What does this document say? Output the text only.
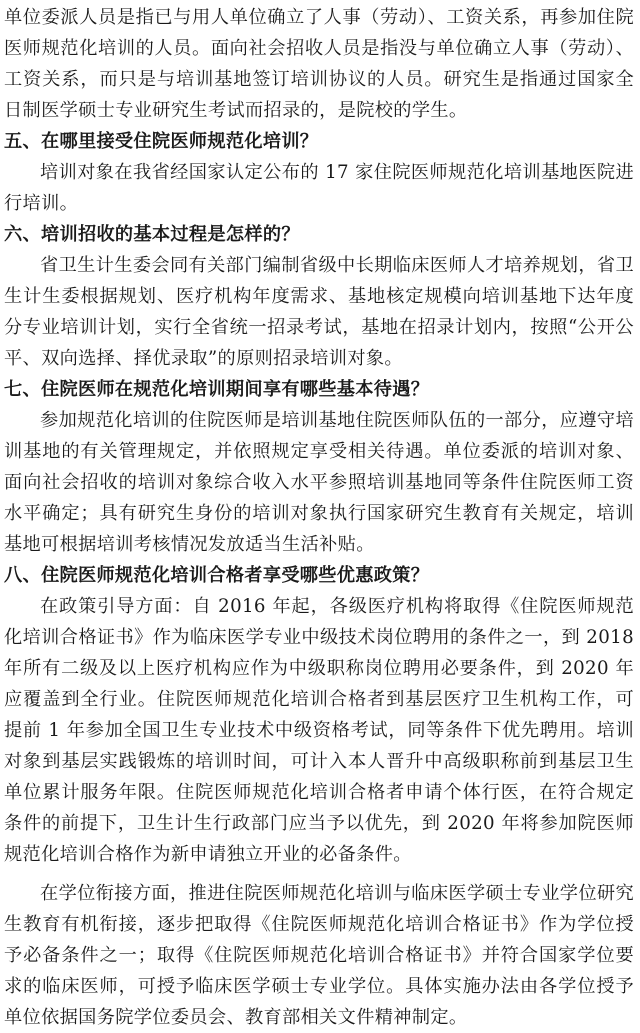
单位委派人员是指已与用人单位确立了人事（劳动）、工资关系，再参加住院医师规范化培训的人员。面向社会招收人员是指没与单位确立人事（劳动）、工资关系，而只是与培训基地签订培训协议的人员。研究生是指通过国家全日制医学硕士专业研究生考试而招录的，是院校的学生。

五、在哪里接受住院医师规范化培训？

培训对象在我省经国家认定公布的 17 家住院医师规范化培训基地医院进行培训。

六、培训招收的基本过程是怎样的？

省卫生计生委会同有关部门编制省级中长期临床医师人才培养规划，省卫生计生委根据规划、医疗机构年度需求、基地核定规模向培训基地下达年度分专业培训计划，实行全省统一招录考试，基地在招录计划内，按照“公开公平、双向选择、择优录取”的原则招录培训对象。

七、住院医师在规范化培训期间享有哪些基本待遇？

参加规范化培训的住院医师是培训基地住院医师队伍的一部分，应遵守培训基地的有关管理规定，并依照规定享受相关待遇。单位委派的培训对象、面向社会招收的培训对象综合收入水平参照培训基地同等条件住院医师工资水平确定；具有研究生身份的培训对象执行国家研究生教育有关规定，培训基地可根据培训考核情况发放适当生活补贴。

八、住院医师规范化培训合格者享受哪些优惠政策？

在政策引导方面：自 2016 年起，各级医疗机构将取得《住院医师规范化培训合格证书》作为临床医学专业中级技术岗位聘用的条件之一，到 2018 年所有二级及以上医疗机构应作为中级职称岗位聘用必要条件，到 2020 年应覆盖到全行业。住院医师规范化培训合格者到基层医疗卫生机构工作，可提前 1 年参加全国卫生专业技术中级资格考试，同等条件下优先聘用。培训对象到基层实践锻炼的培训时间，可计入本人晋升中高级职称前到基层卫生单位累计服务年限。住院医师规范化培训合格者申请个体行医，在符合规定条件的前提下，卫生计生行政部门应当予以优先，到 2020 年将参加院医师规范化培训合格作为新申请独立开业的必备条件。

在学位衔接方面，推进住院医师规范化培训与临床医学硕士专业学位研究生教育有机衔接，逐步把取得《住院医师规范化培训合格证书》作为学位授予必备条件之一；取得《住院医师规范化培训合格证书》并符合国家学位要求的临床医师，可授予临床医学硕士专业学位。具体实施办法由各学位授予单位依据国务院学位委员会、教育部相关文件精神制定。
